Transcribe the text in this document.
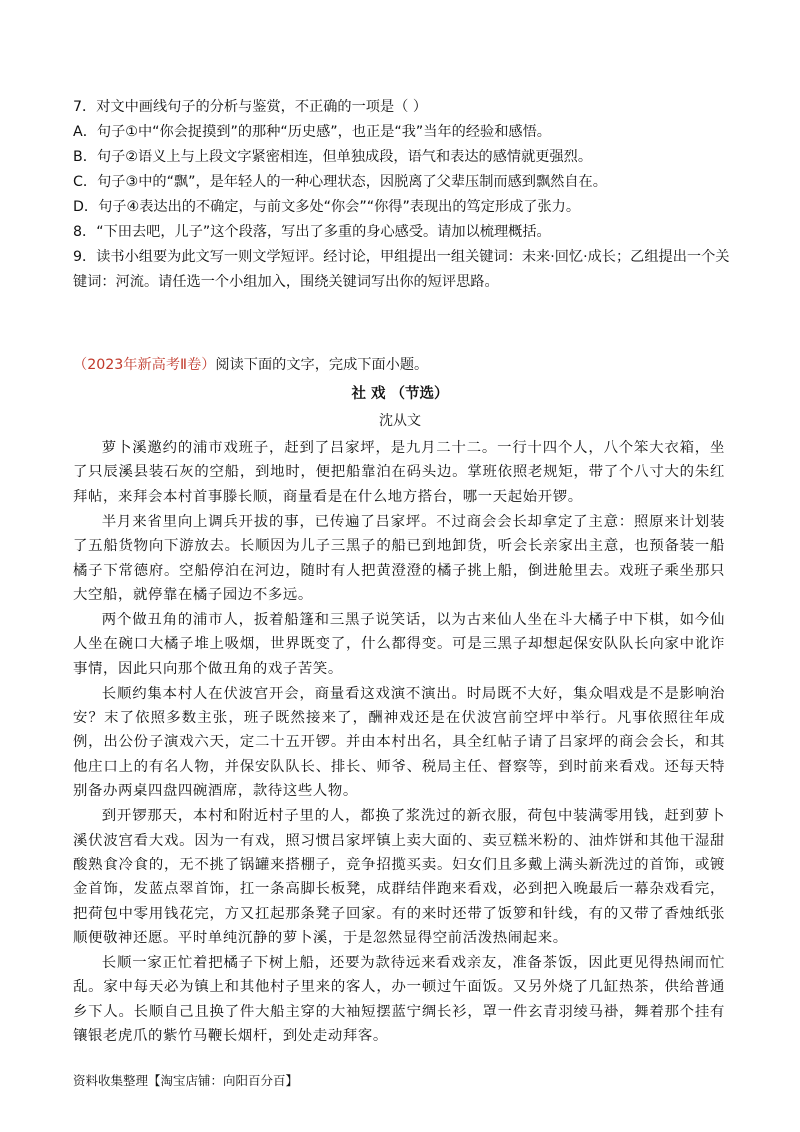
7．对文中画线句子的分析与鉴赏，不正确的一项是（ ）
A．句子①中“你会捉摸到”的那种“历史感”，也正是“我”当年的经验和感悟。
B．句子②语义上与上段文字紧密相连，但单独成段，语气和表达的感情就更强烈。
C．句子③中的“飘”，是年轻人的一种心理状态，因脱离了父辈压制而感到飘然自在。
D．句子④表达出的不确定，与前文多处“你会”“你得”表现出的笃定形成了张力。
8．“下田去吧，儿子”这个段落，写出了多重的身心感受。请加以梳理概括。
9．读书小组要为此文写一则文学短评。经讨论，甲组提出一组关键词：未来·回忆·成长；乙组提出一个关
键词：河流。请任选一个小组加入，围绕关键词写出你的短评思路。
（2023年新高考Ⅱ卷）阅读下面的文字，完成下面小题。
社 戏 （节选）
沈从文

萝卜溪邀约的浦市戏班子，赶到了吕家坪，是九月二十二。一行十四个人，八个笨大衣箱，坐了只辰溪县装石灰的空船，到地时，便把船靠泊在码头边。掌班依照老规矩，带了个八寸大的朱红拜帖，来拜会本村首事滕长顺，商量看是在什么地方搭台，哪一天起始开锣。

半月来省里向上调兵开拔的事，已传遍了吕家坪。不过商会会长却拿定了主意：照原来计划装了五船货物向下游放去。长顺因为儿子三黑子的船已到地卸货，听会长亲家出主意，也预备装一船橘子下常德府。空船停泊在河边，随时有人把黄澄澄的橘子挑上船，倒进舱里去。戏班子乘坐那只大空船，就停靠在橘子园边不多远。

两个做丑角的浦市人，扳着船篷和三黑子说笑话，以为古来仙人坐在斗大橘子中下棋，如今仙人坐在碗口大橘子堆上吸烟，世界既变了，什么都得变。可是三黑子却想起保安队队长向家中讹诈事情，因此只向那个做丑角的戏子苦笑。

长顺约集本村人在伏波宫开会，商量看这戏演不演出。时局既不大好，集众唱戏是不是影响治安？末了依照多数主张，班子既然接来了，酬神戏还是在伏波宫前空坪中举行。凡事依照往年成例，出公份子演戏六天，定二十五开锣。并由本村出名，具全红帖子请了吕家坪的商会会长，和其他庄口上的有名人物，并保安队队长、排长、师爷、税局主任、督察等，到时前来看戏。还每天特别备办两桌四盘四碗酒席，款待这些人物。

到开锣那天，本村和附近村子里的人，都换了浆洗过的新衣服，荷包中装满零用钱，赶到萝卜溪伏波宫看大戏。因为一有戏，照习惯吕家坪镇上卖大面的、卖豆糕米粉的、油炸饼和其他干湿甜酸熟食冷食的，无不挑了锅罐来搭棚子，竞争招揽买卖。妇女们且多戴上满头新洗过的首饰，或镀金首饰，发蓝点翠首饰，扛一条高脚长板凳，成群结伴跑来看戏，必到把入晚最后一幕杂戏看完，把荷包中零用钱花完，方又扛起那条凳子回家。有的来时还带了饭箩和针线，有的又带了香烛纸张顺便敬神还愿。平时单纯沉静的萝卜溪，于是忽然显得空前活泼热闹起来。

长顺一家正忙着把橘子下树上船，还要为款待远来看戏亲友，准备茶饭，因此更见得热闹而忙乱。家中每天必为镇上和其他村子里来的客人，办一顿过午面饭。又另外烧了几缸热茶，供给普通乡下人。长顺自己且换了件大船主穿的大袖短摆蓝宁绸长衫，罩一件玄青羽绫马褂，舞着那个挂有镶银老虎爪的紫竹马鞭长烟杆，到处走动拜客。

资料收集整理【淘宝店铺：向阳百分百】
